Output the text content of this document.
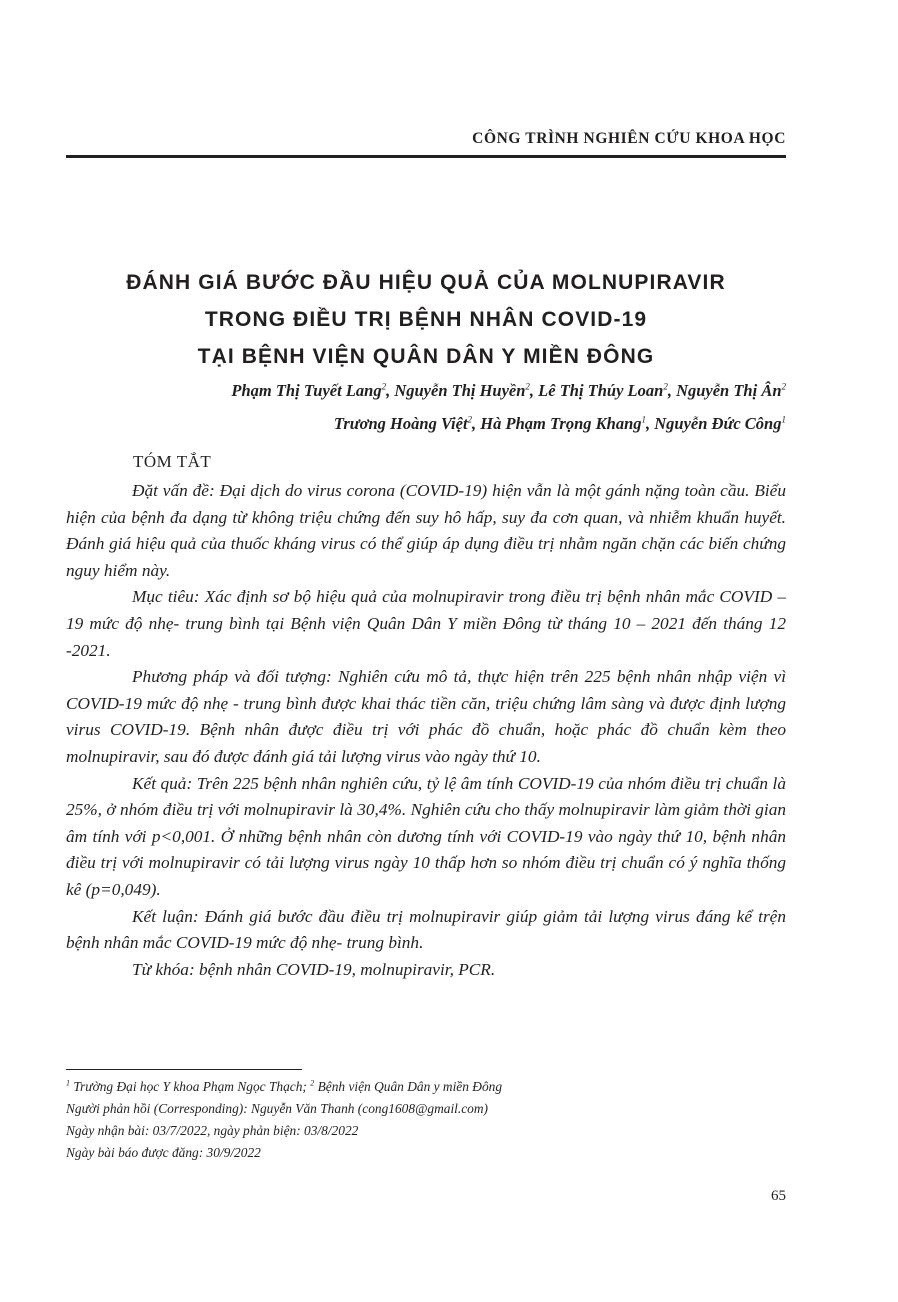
CÔNG TRÌNH NGHIÊN CỨU KHOA HỌC
ĐÁNH GIÁ BƯỚC ĐẦU HIỆU QUẢ CỦA MOLNUPIRAVIR
TRONG ĐIỀU TRỊ BỆNH NHÂN COVID-19
TẠI BỆNH VIỆN QUÂN DÂN Y MIỀN ĐÔNG
Phạm Thị Tuyết Lang$^2$, Nguyễn Thị Huyền$^2$, Lê Thị Thúy Loan$^2$, Nguyễn Thị $Ân^2$
Trương Hoàng Việt$^2$, Hà Phạm Trọng Khang$^1$, Nguyễn Đức Công$^1$
TÓM TẮT

Đặt vấn đề: Đại dịch do virus corona (COVID-19) hiện vẫn là một gánh nặng toàn cầu. Biểu hiện của bệnh đa dạng từ không triệu chứng đến suy hô hấp, suy đa cơn quan, và nhiễm khuẩn huyết. Đánh giá hiệu quả của thuốc kháng virus có thể giúp áp dụng điều trị nhằm ngăn chặn các biến chứng nguy hiểm này.

Mục tiêu: Xác định sơ bộ hiệu quả của molnupiravir trong điều trị bệnh nhân mắc COVID – 19 mức độ nhẹ- trung bình tại Bệnh viện Quân Dân Y miền Đông từ tháng 10 – 2021 đến tháng 12 -2021.

Phương pháp và đối tượng: Nghiên cứu mô tả, thực hiện trên 225 bệnh nhân nhập viện vì COVID-19 mức độ nhẹ - trung bình được khai thác tiền căn, triệu chứng lâm sàng và được định lượng virus COVID-19. Bệnh nhân được điều trị với phác đồ chuẩn, hoặc phác đồ chuẩn kèm theo molnupiravir, sau đó được đánh giá tải lượng virus vào ngày thứ 10.

Kết quả: Trên 225 bệnh nhân nghiên cứu, tỷ lệ âm tính COVID-19 của nhóm điều trị chuẩn là 25%, ở nhóm điều trị với molnupiravir là 30,4%. Nghiên cứu cho thấy molnupiravir làm giảm thời gian âm tính với p<0,001. Ở những bệnh nhân còn dương tính với COVID-19 vào ngày thứ 10, bệnh nhân điều trị với molnupiravir có tải lượng virus ngày 10 thấp hơn so nhóm điều trị chuẩn có ý nghĩa thống kê (p=0,049).

Kết luận: Đánh giá bước đầu điều trị molnupiravir giúp giảm tải lượng virus đáng kể trện bệnh nhân mắc COVID-19 mức độ nhẹ- trung bình.

Từ khóa: bệnh nhân COVID-19, molnupiravir, PCR.

$^1$ Trường Đại học Y khoa Phạm Ngọc Thạch; $^2$ Bệnh viện Quân Dân y miền Đông

Người phản hồi (Corresponding): Nguyễn Văn Thanh (cong1608@gmail.com)

Ngày nhận bài: 03/7/2022, ngày phản biện: 03/8/2022

Ngày bài báo được đăng: 30/9/2022

65
